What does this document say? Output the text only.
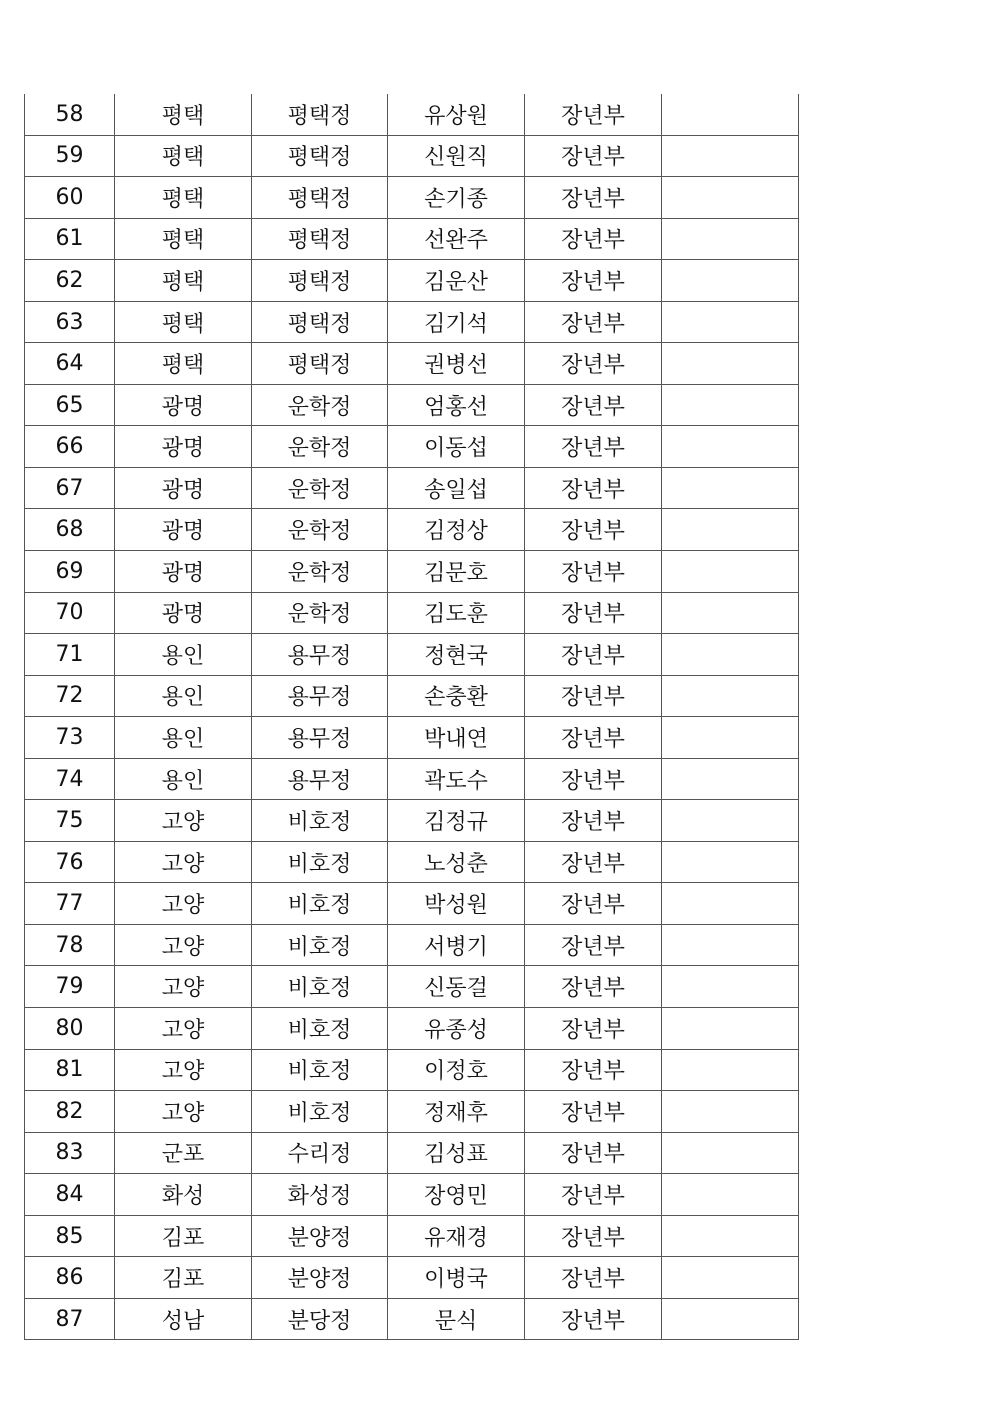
58	평택	평택정	유상원	장년부	
59	평택	평택정	신원직	장년부	
60	평택	평택정	손기종	장년부	
61	평택	평택정	선완주	장년부	
62	평택	평택정	김운산	장년부	
63	평택	평택정	김기석	장년부	
64	평택	평택정	권병선	장년부	
65	광명	운학정	엄홍선	장년부	
66	광명	운학정	이동섭	장년부	
67	광명	운학정	송일섭	장년부	
68	광명	운학정	김정상	장년부	
69	광명	운학정	김문호	장년부	
70	광명	운학정	김도훈	장년부	
71	용인	용무정	정현국	장년부	
72	용인	용무정	손충환	장년부	
73	용인	용무정	박내연	장년부	
74	용인	용무정	곽도수	장년부	
75	고양	비호정	김정규	장년부	
76	고양	비호정	노성춘	장년부	
77	고양	비호정	박성원	장년부	
78	고양	비호정	서병기	장년부	
79	고양	비호정	신동걸	장년부	
80	고양	비호정	유종성	장년부	
81	고양	비호정	이정호	장년부	
82	고양	비호정	정재후	장년부	
83	군포	수리정	김성표	장년부	
84	화성	화성정	장영민	장년부	
85	김포	분양정	유재경	장년부	
86	김포	분양정	이병국	장년부	
87	성남	분당정	문식	장년부	
